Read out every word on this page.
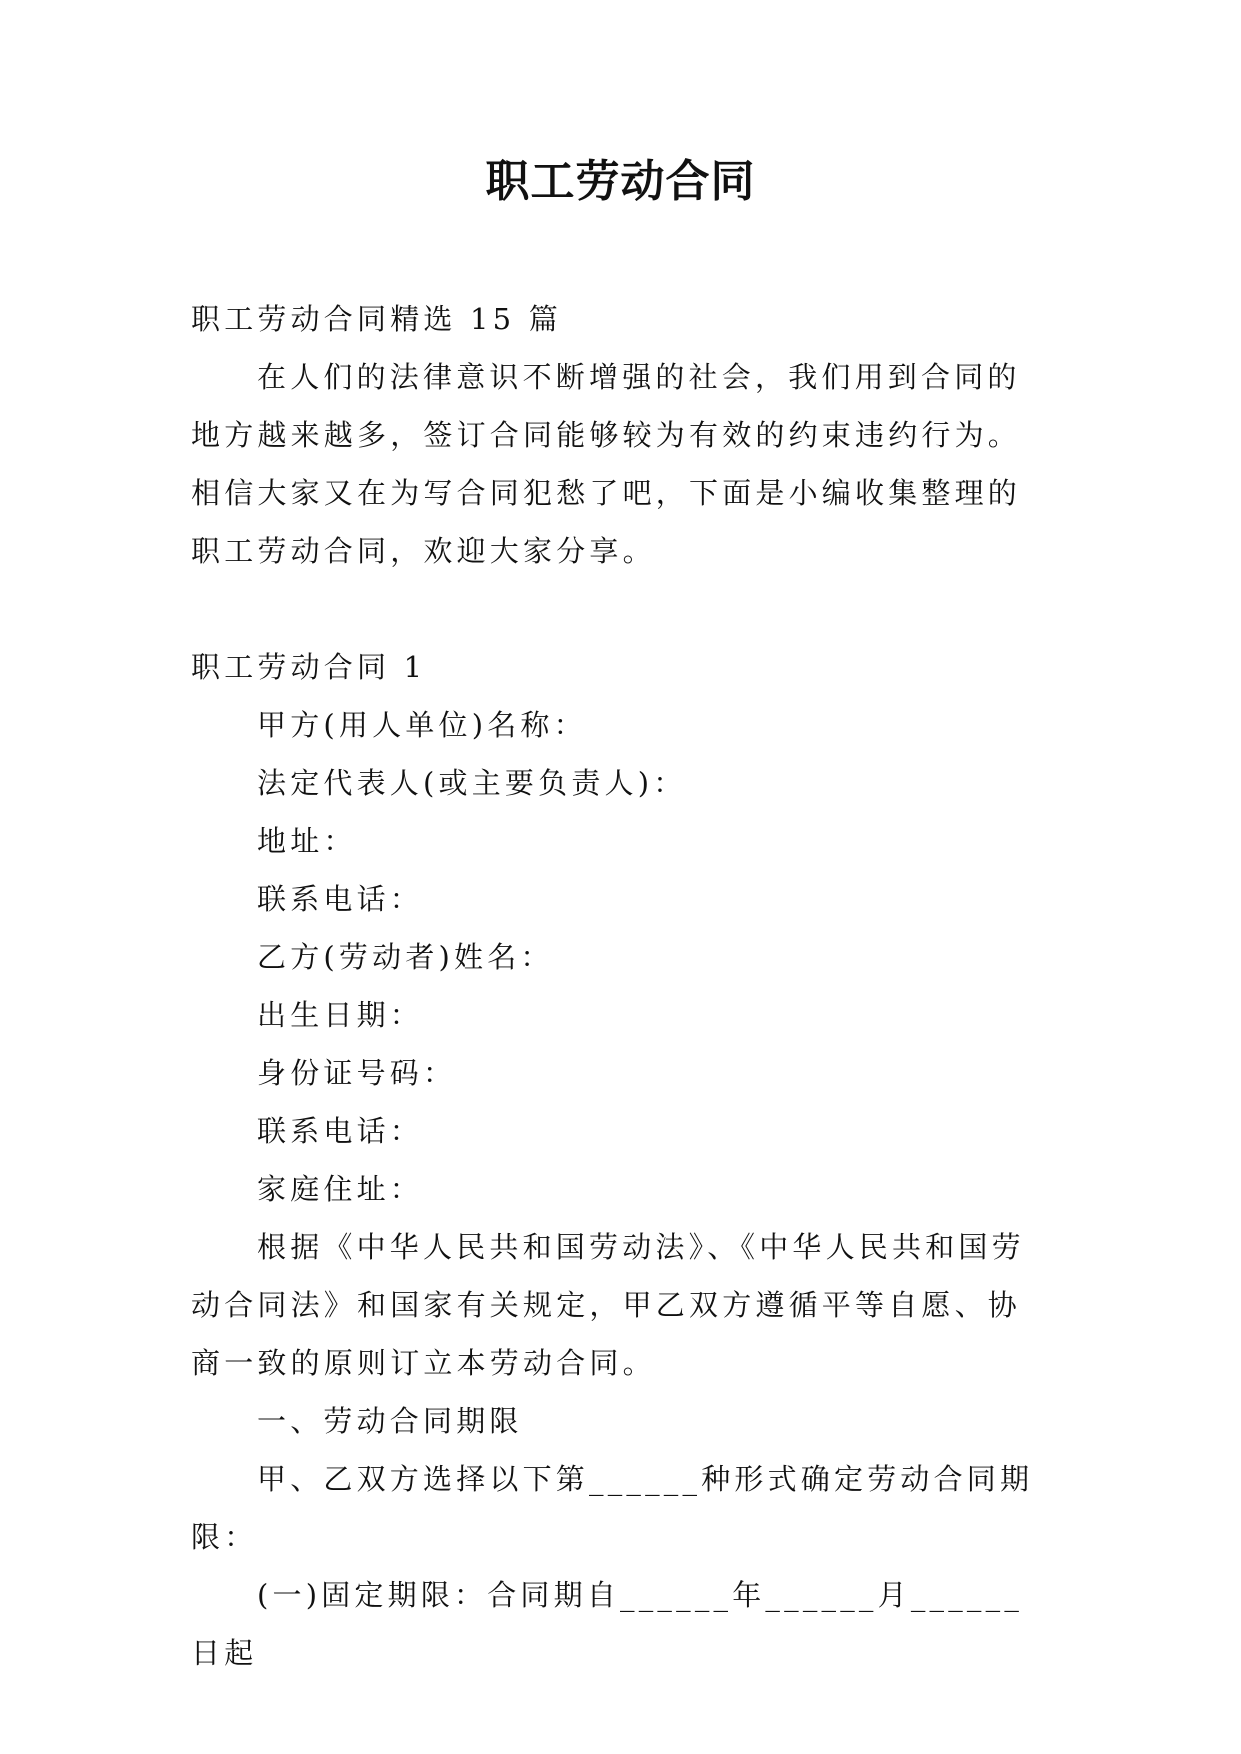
职工劳动合同

职工劳动合同精选 15 篇

在人们的法律意识不断增强的社会，我们用到合同的地方越来越多，签订合同能够较为有效的约束违约行为。相信大家又在为写合同犯愁了吧，下面是小编收集整理的职工劳动合同，欢迎大家分享。

职工劳动合同 1

甲方(用人单位)名称：

法定代表人(或主要负责人)：

地址：

联系电话：

乙方(劳动者)姓名：

出生日期：

身份证号码：

联系电话：

家庭住址：

根据《中华人民共和国劳动法》、《中华人民共和国劳动合同法》和国家有关规定，甲乙双方遵循平等自愿、协商一致的原则订立本劳动合同。

一、劳动合同期限

甲、乙双方选择以下第______种形式确定劳动合同期限：

(一)固定期限：合同期自______年______月______日起
